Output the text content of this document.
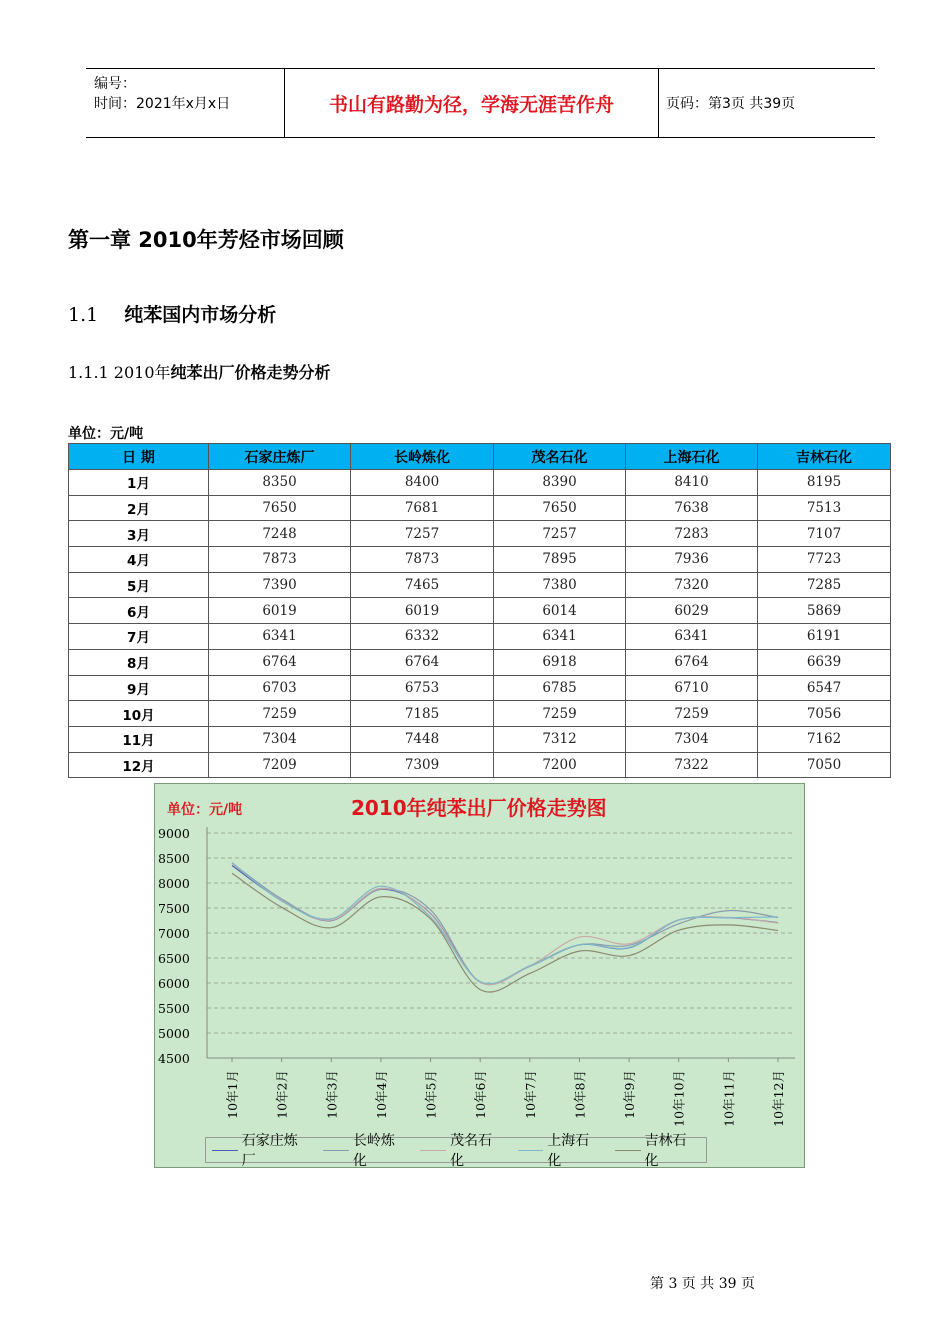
编号：
时间：2021年x月x日	书山有路勤为径，学海无涯苦作舟	页码：第3页 共39页
第一章 2010年芳烃市场回顾
1.1 纯苯国内市场分析
1.1.1 2010年纯苯出厂价格走势分析
单位：元/吨
日 期	石家庄炼厂	长岭炼化	茂名石化	上海石化	吉林石化
1月	8350	8400	8390	8410	8195
2月	7650	7681	7650	7638	7513
3月	7248	7257	7257	7283	7107
4月	7873	7873	7895	7936	7723
5月	7390	7465	7380	7320	7285
6月	6019	6019	6014	6029	5869
7月	6341	6332	6341	6341	6191
8月	6764	6764	6918	6764	6639
9月	6703	6753	6785	6710	6547
10月	7259	7185	7259	7259	7056
11月	7304	7448	7312	7304	7162
12月	7209	7309	7200	7322	7050
9000
8500
8000
7500
7000
6500
6000
5500
5000
4500
10年1月	10年2月	10年3月	10年4月	10年5月	10年6月	10年7月	10年8月	10年9月	10年10月	10年11月	10年12月
单位：元/吨	2010年纯苯出厂价格走势图
石家庄炼厂
长岭炼化
茂名石化
上海石化
吉林石化
第 3 页 共 39 页
